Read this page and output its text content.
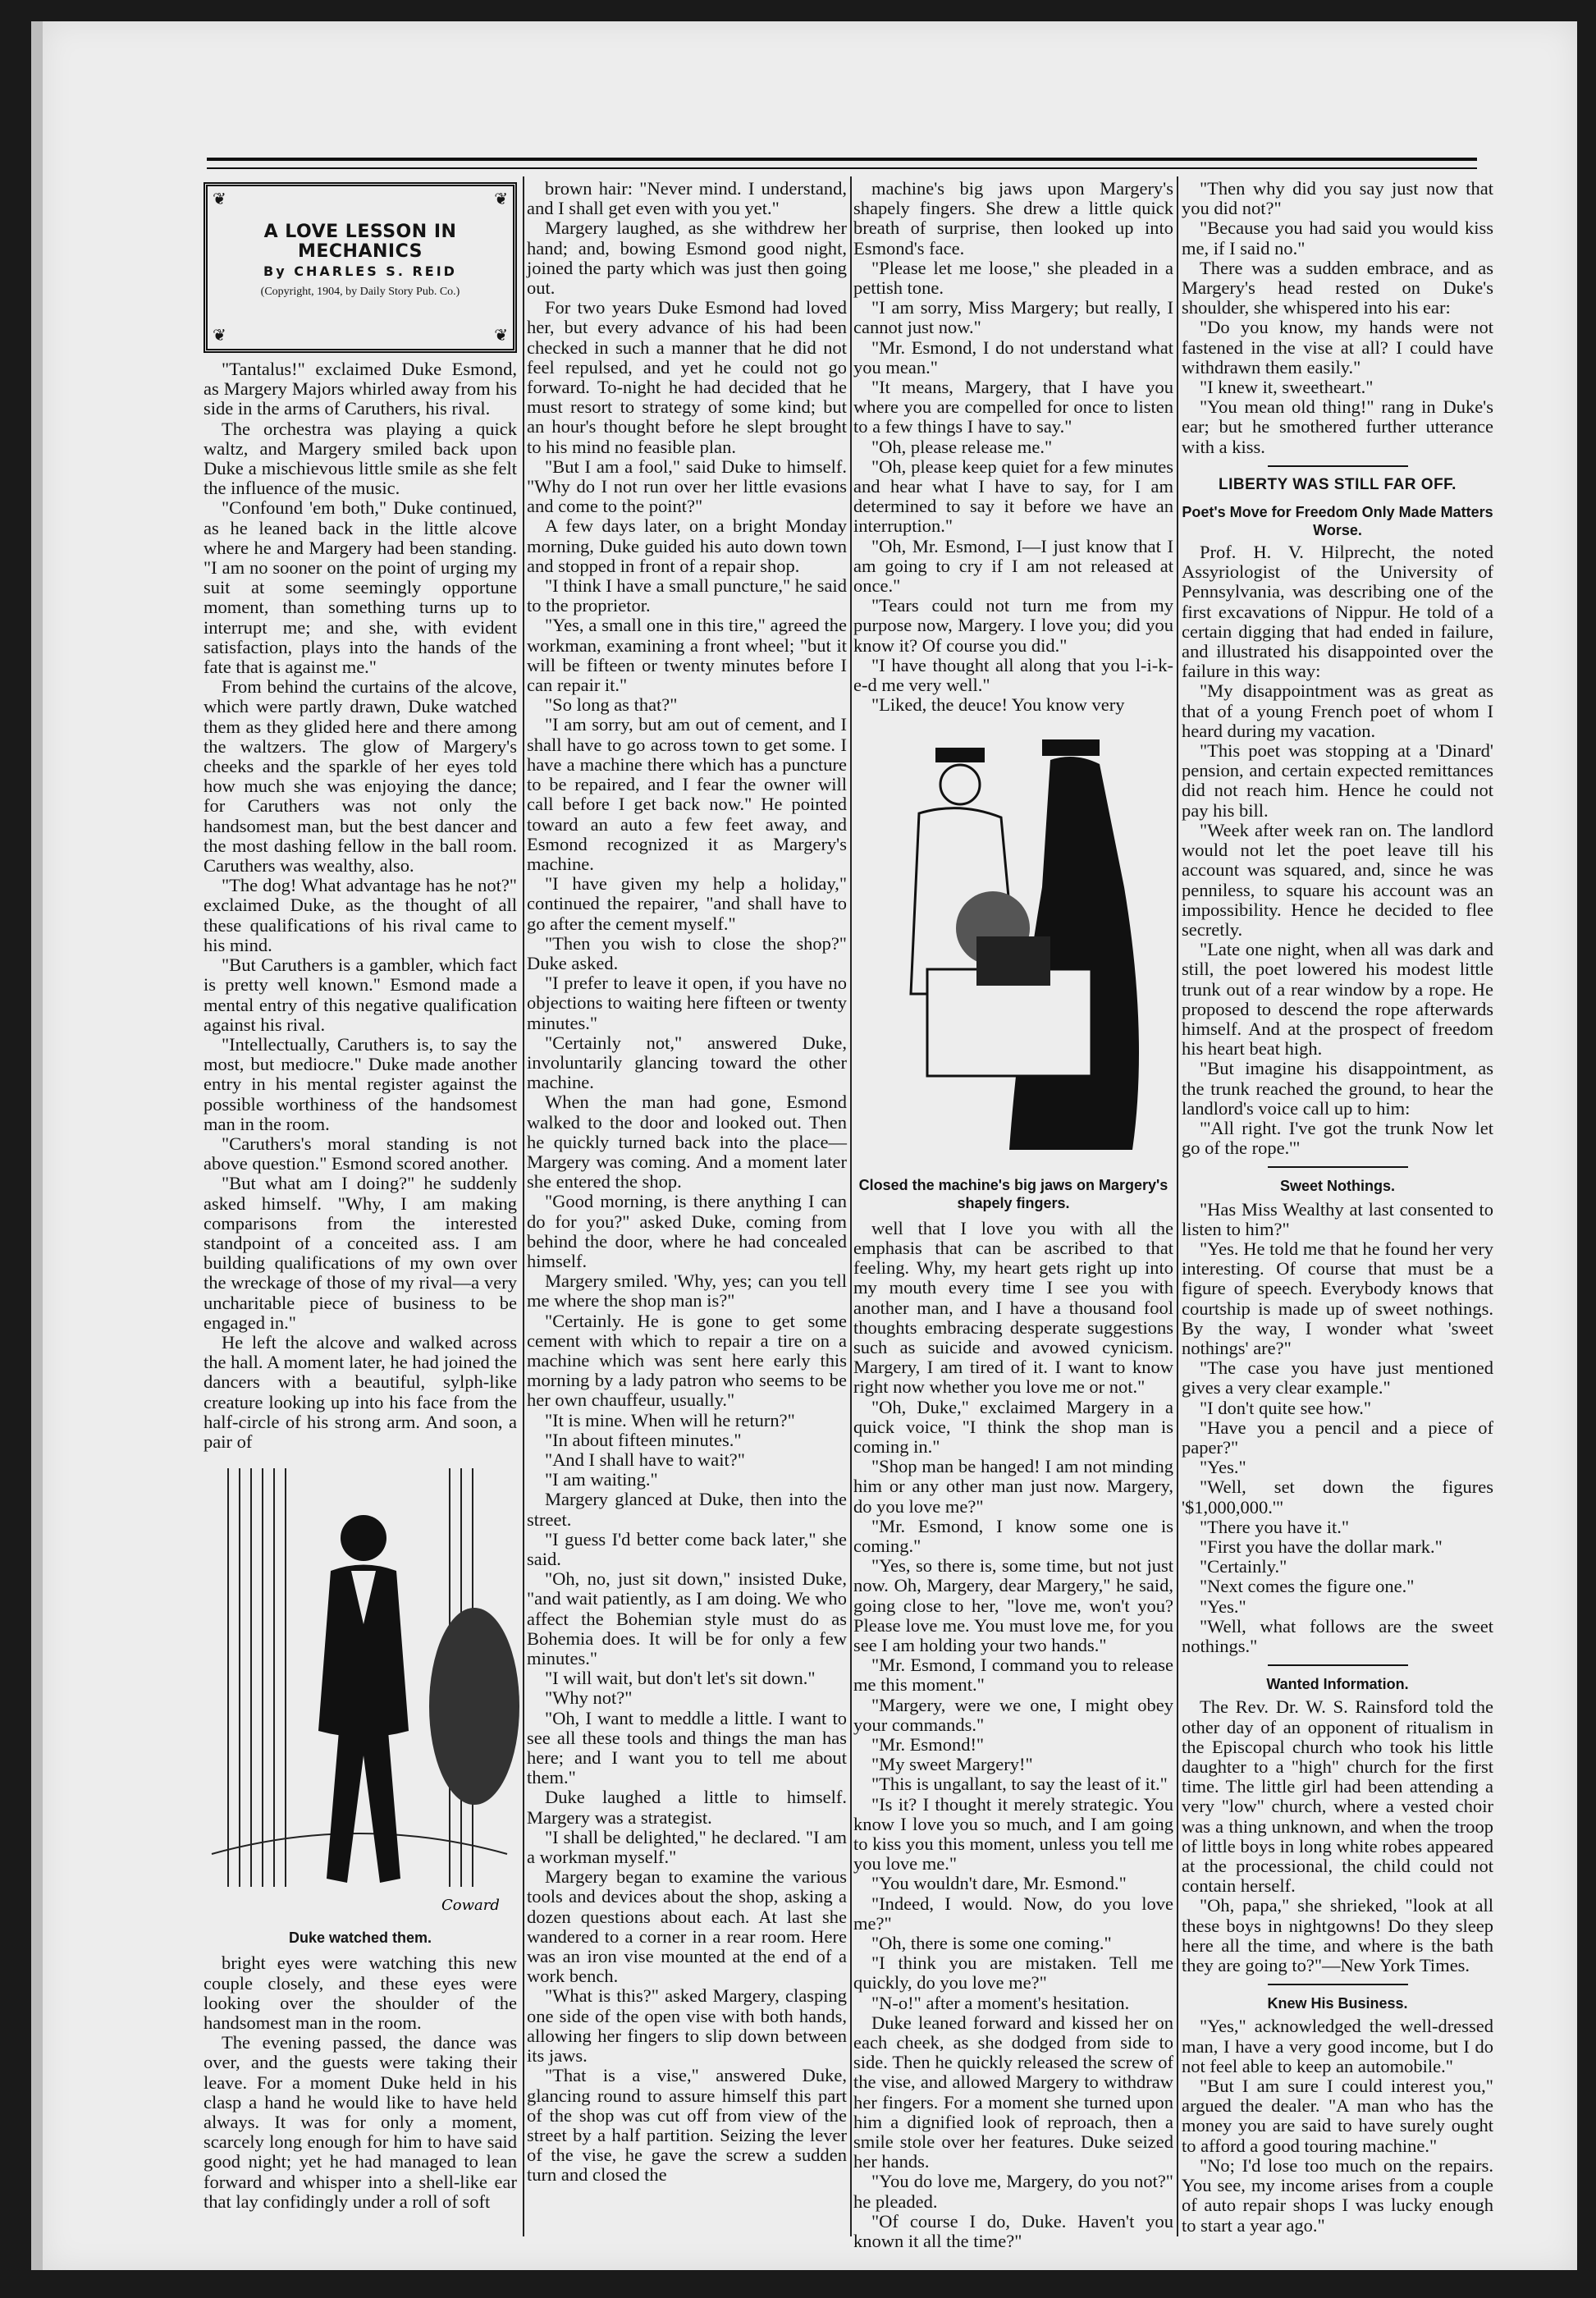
❦	❦
❦	❦
A LOVE LESSON IN MECHANICS
By CHARLES S. REID
(Copyright, 1904, by Daily Story Pub. Co.)

"Tantalus!" exclaimed Duke Esmond, as Margery Majors whirled away from his side in the arms of Caruthers, his rival.

The orchestra was playing a quick waltz, and Margery smiled back upon Duke a mischievous little smile as she felt the influence of the music.

"Confound 'em both," Duke continued, as he leaned back in the little alcove where he and Margery had been standing. "I am no sooner on the point of urging my suit at some seemingly opportune moment, than something turns up to interrupt me; and she, with evident satisfaction, plays into the hands of the fate that is against me."

From behind the curtains of the alcove, which were partly drawn, Duke watched them as they glided here and there among the waltzers. The glow of Margery's cheeks and the sparkle of her eyes told how much she was enjoying the dance; for Caruthers was not only the handsomest man, but the best dancer and the most dashing fellow in the ball room. Caruthers was wealthy, also.

"The dog! What advantage has he not?" exclaimed Duke, as the thought of all these qualifications of his rival came to his mind.

"But Caruthers is a gambler, which fact is pretty well known." Esmond made a mental entry of this negative qualification against his rival.

"Intellectually, Caruthers is, to say the most, but mediocre." Duke made another entry in his mental register against the possible worthiness of the handsomest man in the room.

"Caruthers's moral standing is not above question." Esmond scored another.

"But what am I doing?" he suddenly asked himself. "Why, I am making comparisons from the interested standpoint of a conceited ass. I am building qualifications of my own over the wreckage of those of my rival—a very uncharitable piece of business to be engaged in."

He left the alcove and walked across the hall. A moment later, he had joined the dancers with a beautiful, sylph-like creature looking up into his face from the half-circle of his strong arm. And soon, a pair of

Coward
Duke watched them.

bright eyes were watching this new couple closely, and these eyes were looking over the shoulder of the handsomest man in the room.

The evening passed, the dance was over, and the guests were taking their leave. For a moment Duke held in his clasp a hand he would like to have held always. It was for only a moment, scarcely long enough for him to have said good night; yet he had managed to lean forward and whisper into a shell-like ear that lay confidingly under a roll of soft

brown hair: "Never mind. I understand, and I shall get even with you yet."

Margery laughed, as she withdrew her hand; and, bowing Esmond good night, joined the party which was just then going out.

For two years Duke Esmond had loved her, but every advance of his had been checked in such a manner that he did not feel repulsed, and yet he could not go forward. To-night he had decided that he must resort to strategy of some kind; but an hour's thought before he slept brought to his mind no feasible plan.

"But I am a fool," said Duke to himself. "Why do I not run over her little evasions and come to the point?"

A few days later, on a bright Monday morning, Duke guided his auto down town and stopped in front of a repair shop.

"I think I have a small puncture," he said to the proprietor.

"Yes, a small one in this tire," agreed the workman, examining a front wheel; "but it will be fifteen or twenty minutes before I can repair it."

"So long as that?"

"I am sorry, but am out of cement, and I shall have to go across town to get some. I have a machine there which has a puncture to be repaired, and I fear the owner will call before I get back now." He pointed toward an auto a few feet away, and Esmond recognized it as Margery's machine.

"I have given my help a holiday," continued the repairer, "and shall have to go after the cement myself."

"Then you wish to close the shop?" Duke asked.

"I prefer to leave it open, if you have no objections to waiting here fifteen or twenty minutes."

"Certainly not," answered Duke, involuntarily glancing toward the other machine.

When the man had gone, Esmond walked to the door and looked out. Then he quickly turned back into the place—Margery was coming. And a moment later she entered the shop.

"Good morning, is there anything I can do for you?" asked Duke, coming from behind the door, where he had concealed himself.

Margery smiled. 'Why, yes; can you tell me where the shop man is?"

"Certainly. He is gone to get some cement with which to repair a tire on a machine which was sent here early this morning by a lady patron who seems to be her own chauffeur, usually."

"It is mine. When will he return?"

"In about fifteen minutes."

"And I shall have to wait?"

"I am waiting."

Margery glanced at Duke, then into the street.

"I guess I'd better come back later," she said.

"Oh, no, just sit down," insisted Duke, "and wait patiently, as I am doing. We who affect the Bohemian style must do as Bohemia does. It will be for only a few minutes."

"I will wait, but don't let's sit down."

"Why not?"

"Oh, I want to meddle a little. I want to see all these tools and things the man has here; and I want you to tell me about them."

Duke laughed a little to himself. Margery was a strategist.

"I shall be delighted," he declared. "I am a workman myself."

Margery began to examine the various tools and devices about the shop, asking a dozen questions about each. At last she wandered to a corner in a rear room. Here was an iron vise mounted at the end of a work bench.

"What is this?" asked Margery, clasping one side of the open vise with both hands, allowing her fingers to slip down between its jaws.

"That is a vise," answered Duke, glancing round to assure himself this part of the shop was cut off from view of the street by a half partition. Seizing the lever of the vise, he gave the screw a sudden turn and closed the

machine's big jaws upon Margery's shapely fingers. She drew a little quick breath of surprise, then looked up into Esmond's face.

"Please let me loose," she pleaded in a pettish tone.

"I am sorry, Miss Margery; but really, I cannot just now."

"Mr. Esmond, I do not understand what you mean."

"It means, Margery, that I have you where you are compelled for once to listen to a few things I have to say."

"Oh, please release me."

"Oh, please keep quiet for a few minutes and hear what I have to say, for I am determined to say it before we have an interruption."

"Oh, Mr. Esmond, I—I just know that I am going to cry if I am not released at once."

"Tears could not turn me from my purpose now, Margery. I love you; did you know it? Of course you did."

"I have thought all along that you l-i-k-e-d me very well."

"Liked, the deuce! You know very

Closed the machine's big jaws on Margery's shapely fingers.

well that I love you with all the emphasis that can be ascribed to that feeling. Why, my heart gets right up into my mouth every time I see you with another man, and I have a thousand fool thoughts embracing desperate suggestions such as suicide and avowed cynicism. Margery, I am tired of it. I want to know right now whether you love me or not."

"Oh, Duke," exclaimed Margery in a quick voice, "I think the shop man is coming in."

"Shop man be hanged! I am not minding him or any other man just now. Margery, do you love me?"

"Mr. Esmond, I know some one is coming."

"Yes, so there is, some time, but not just now. Oh, Margery, dear Margery," he said, going close to her, "love me, won't you? Please love me. You must love me, for you see I am holding your two hands."

"Mr. Esmond, I command you to release me this moment."

"Margery, were we one, I might obey your commands."

"Mr. Esmond!"

"My sweet Margery!"

"This is ungallant, to say the least of it."

"Is it? I thought it merely strategic. You know I love you so much, and I am going to kiss you this moment, unless you tell me you love me."

"You wouldn't dare, Mr. Esmond."

"Indeed, I would. Now, do you love me?"

"Oh, there is some one coming."

"I think you are mistaken. Tell me quickly, do you love me?"

"N-o!" after a moment's hesitation.

Duke leaned forward and kissed her on each cheek, as she dodged from side to side. Then he quickly released the screw of the vise, and allowed Margery to withdraw her fingers. For a moment she turned upon him a dignified look of reproach, then a smile stole over her features. Duke seized her hands.

"You do love me, Margery, do you not?" he pleaded.

"Of course I do, Duke. Haven't you known it all the time?"

"Then why did you say just now that you did not?"

"Because you had said you would kiss me, if I said no."

There was a sudden embrace, and as Margery's head rested on Duke's shoulder, she whispered into his ear:

"Do you know, my hands were not fastened in the vise at all? I could have withdrawn them easily."

"I knew it, sweetheart."

"You mean old thing!" rang in Duke's ear; but he smothered further utterance with a kiss.

LIBERTY WAS STILL FAR OFF.
Poet's Move for Freedom Only Made Matters Worse.

Prof. H. V. Hilprecht, the noted Assyriologist of the University of Pennsylvania, was describing one of the first excavations of Nippur. He told of a certain digging that had ended in failure, and illustrated his disappointed over the failure in this way:

"My disappointment was as great as that of a young French poet of whom I heard during my vacation.

"This poet was stopping at a 'Dinard' pension, and certain expected remittances did not reach him. Hence he could not pay his bill.

"Week after week ran on. The landlord would not let the poet leave till his account was squared, and, since he was penniless, to square his account was an impossibility. Hence he decided to flee secretly.

"Late one night, when all was dark and still, the poet lowered his modest little trunk out of a rear window by a rope. He proposed to descend the rope afterwards himself. And at the prospect of freedom his heart beat high.

"But imagine his disappointment, as the trunk reached the ground, to hear the landlord's voice call up to him:

"'All right. I've got the trunk Now let go of the rope.'"

Sweet Nothings.

"Has Miss Wealthy at last consented to listen to him?"

"Yes. He told me that he found her very interesting. Of course that must be a figure of speech. Everybody knows that courtship is made up of sweet nothings. By the way, I wonder what 'sweet nothings' are?"

"The case you have just mentioned gives a very clear example."

"I don't quite see how."

"Have you a pencil and a piece of paper?"

"Yes."

"Well, set down the figures '$1,000,000.'"

"There you have it."

"First you have the dollar mark."

"Certainly."

"Next comes the figure one."

"Yes."

"Well, what follows are the sweet nothings."

Wanted Information.

The Rev. Dr. W. S. Rainsford told the other day of an opponent of ritualism in the Episcopal church who took his little daughter to a "high" church for the first time. The little girl had been attending a very "low" church, where a vested choir was a thing unknown, and when the troop of little boys in long white robes appeared at the processional, the child could not contain herself.

"Oh, papa," she shrieked, "look at all these boys in nightgowns! Do they sleep here all the time, and where is the bath they are going to?"—New York Times.

Knew His Business.

"Yes," acknowledged the well-dressed man, I have a very good income, but I do not feel able to keep an automobile."

"But I am sure I could interest you," argued the dealer. "A man who has the money you are said to have surely ought to afford a good touring machine."

"No; I'd lose too much on the repairs. You see, my income arises from a couple of auto repair shops I was lucky enough to start a year ago."
